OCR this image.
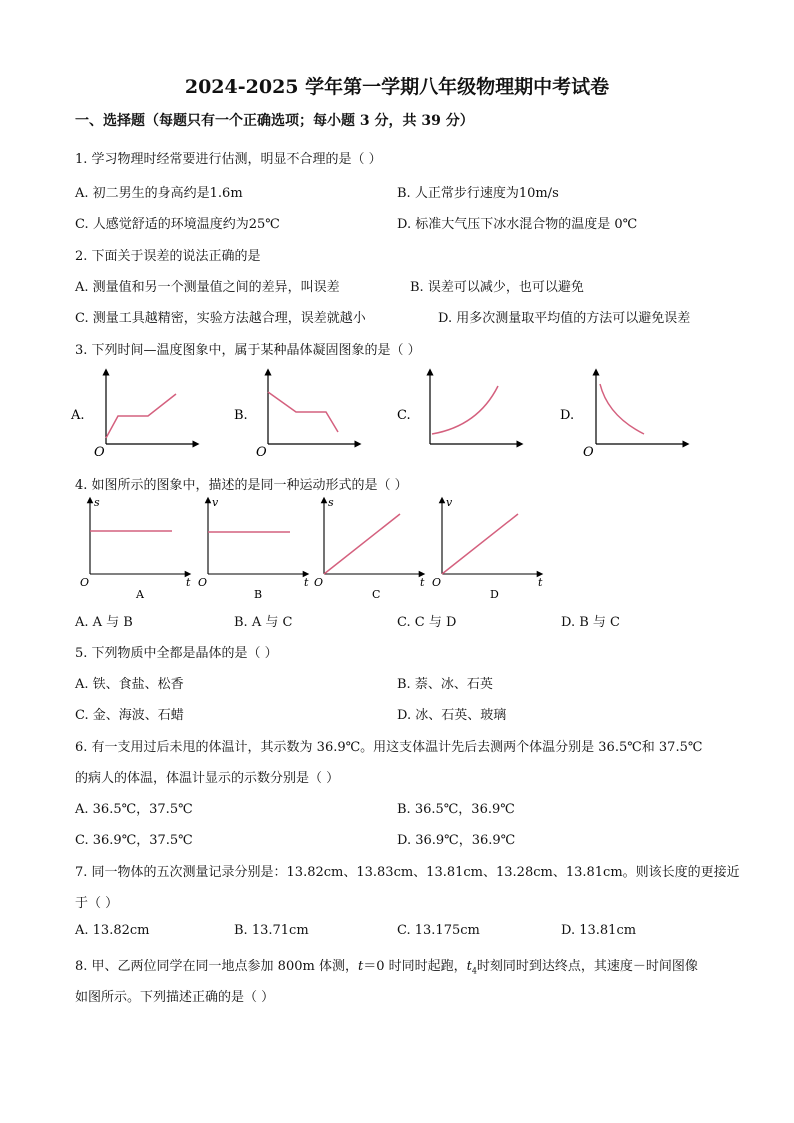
2024-2025 学年第一学期八年级物理期中考试卷
一、选择题（每题只有一个正确选项；每小题 3 分，共 39 分）
1. 学习物理时经常要进行估测，明显不合理的是（ ）
A. 初二男生的身高约是1.6m	B. 人正常步行速度为10m/s
C. 人感觉舒适的环境温度约为25℃	D. 标准大气压下冰水混合物的温度是 0℃
2. 下面关于误差的说法正确的是
A. 测量值和另一个测量值之间的差异，叫误差	B. 误差可以减少，也可以避免
C. 测量工具越精密，实验方法越合理，误差就越小	D. 用多次测量取平均值的方法可以避免误差
3. 下列时间—温度图象中，属于某种晶体凝固图象的是（ ）
A.
O
B.
O
C.	D.
O
4. 如图所示的图象中，描述的是同一种运动形式的是（ ）
s
t
O
A
v
t
O
B
s
t
O
C
v
t
O
D
A. A 与 B	B. A 与 C	C. C 与 D	D. B 与 C
5. 下列物质中全都是晶体的是（ ）
A. 铁、食盐、松香	B. 萘、冰、石英
C. 金、海波、石蜡	D. 冰、石英、玻璃
6. 有一支用过后未甩的体温计，其示数为 36.9℃。用这支体温计先后去测两个体温分别是 36.5℃和 37.5℃
的病人的体温，体温计显示的示数分别是（ ）
A. 36.5℃，37.5℃	B. 36.5℃，36.9℃
C. 36.9℃，37.5℃	D. 36.9℃，36.9℃
7. 同一物体的五次测量记录分别是：13.82cm、13.83cm、13.81cm、13.28cm、13.81cm。则该长度的更接近
于（ ）
A. 13.82cm	B. 13.71cm	C. 13.175cm	D. 13.81cm
8. 甲、乙两位同学在同一地点参加 800m 体测，t＝0 时同时起跑，$t_4$时刻同时到达终点，其速度－时间图像
如图所示。下列描述正确的是（ ）
